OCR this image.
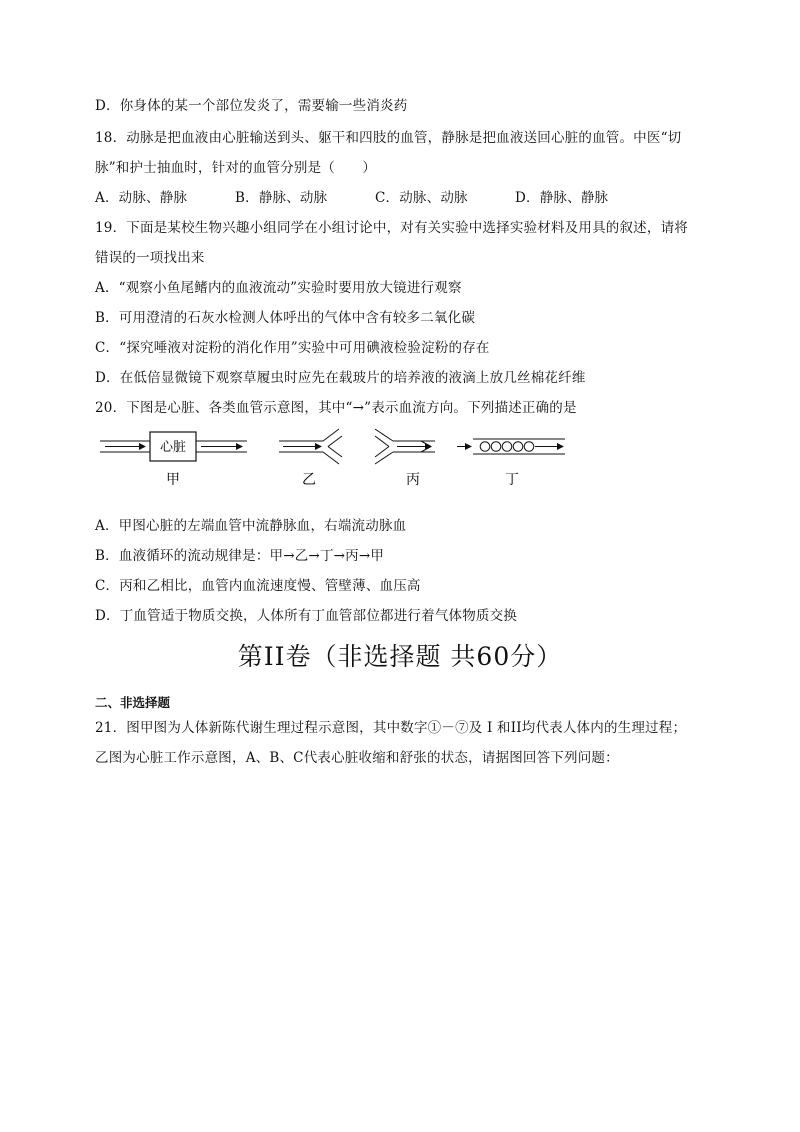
D．你身体的某一个部位发炎了，需要输一些消炎药
18．动脉是把血液由心脏输送到头、躯干和四肢的血管，静脉是把血液送回心脏的血管。中医“切
脉”和护士抽血时，针对的血管分别是（　　）
A．动脉、静脉	B．静脉、动脉	C．动脉、动脉	D．静脉、静脉
19．下面是某校生物兴趣小组同学在小组讨论中，对有关实验中选择实验材料及用具的叙述，请将
错误的一项找出来
A．“观察小鱼尾鳍内的血液流动”实验时要用放大镜进行观察
B．可用澄清的石灰水检测人体呼出的气体中含有较多二氧化碳
C．“探究唾液对淀粉的消化作用”实验中可用碘液检验淀粉的存在
D．在低倍显微镜下观察草履虫时应先在载玻片的培养液的液滴上放几丝棉花纤维
20．下图是心脏、各类血管示意图，其中“→”表示血流方向。下列描述正确的是
心脏
甲	乙	丙	丁
A．甲图心脏的左端血管中流静脉血，右端流动脉血
B．血液循环的流动规律是：甲→乙→丁→丙→甲
C．丙和乙相比，血管内血流速度慢、管壁薄、血压高
D．丁血管适于物质交换，人体所有丁血管部位都进行着气体物质交换
第II卷（非选择题 共60分）
二、非选择题
21．图甲图为人体新陈代谢生理过程示意图，其中数字①－⑦及 I 和II均代表人体内的生理过程；
乙图为心脏工作示意图，A、B、C代表心脏收缩和舒张的状态，请据图回答下列问题：
